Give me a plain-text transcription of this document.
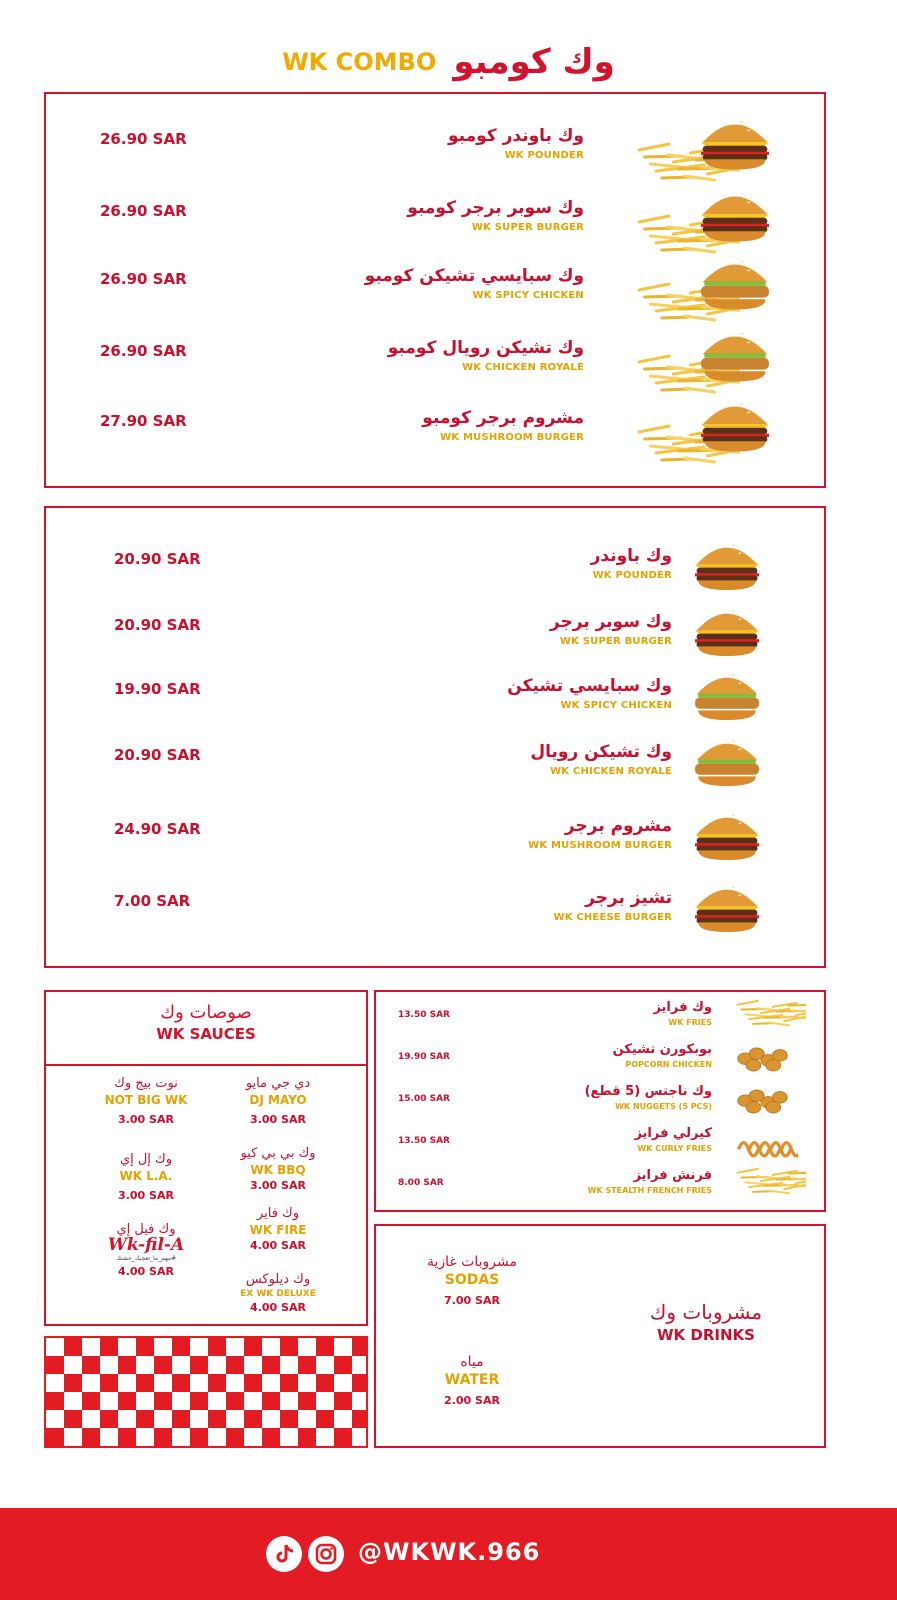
WK COMBO وك كومبو
26.90 SAR	وك باوندر كومبو
WK POUNDER
26.90 SAR	وك سوبر برجر كومبو
WK SUPER BURGER
26.90 SAR	وك سبايسي تشيكن كومبو
WK SPICY CHICKEN
26.90 SAR	وك تشيكن رويال كومبو
WK CHICKEN ROYALE
27.90 SAR	مشروم برجر كومبو
WK MUSHROOM BURGER
20.90 SAR	وك باوندر
WK POUNDER
20.90 SAR	وك سوبر برجر
WK SUPER BURGER
19.90 SAR	وك سبايسي تشيكن
WK SPICY CHICKEN
20.90 SAR	وك تشيكن رويال
WK CHICKEN ROYALE
24.90 SAR	مشروم برجر
WK MUSHROOM BURGER
7.00 SAR	تشيز برجر
WK CHEESE BURGER
صوصات وك
WK SAUCES
نوت بيج وك
NOT BIG WK
3.00 SAR
دي جي مايو
DJ MAYO
3.00 SAR
وك إل إي
WK L.A.
3.00 SAR
وك بي بي كيو
WK BBQ
3.00 SAR
وك فاير
WK FIRE
4.00 SAR
وك فيل إي
Wk-fil-A
#مهم_ما_تعجبك_حشتك
4.00 SAR
وك ديلوكس
EX WK DELUXE
4.00 SAR
13.50 SAR	وك فرايز
WK FRIES
19.90 SAR	بوبكورن تشيكن
POPCORN CHICKEN
15.00 SAR	وك ناجتس (5 قطع)
WK NUGGETS (5 PCS)
13.50 SAR	كيرلي فرايز
WK CURLY FRIES
8.00 SAR	فرنش فرايز
WK STEALTH FRENCH FRIES
مشروبات غازية
SODAS
7.00 SAR
مياه
WATER
2.00 SAR
مشروبات وك
WK DRINKS
@WKWK.966
